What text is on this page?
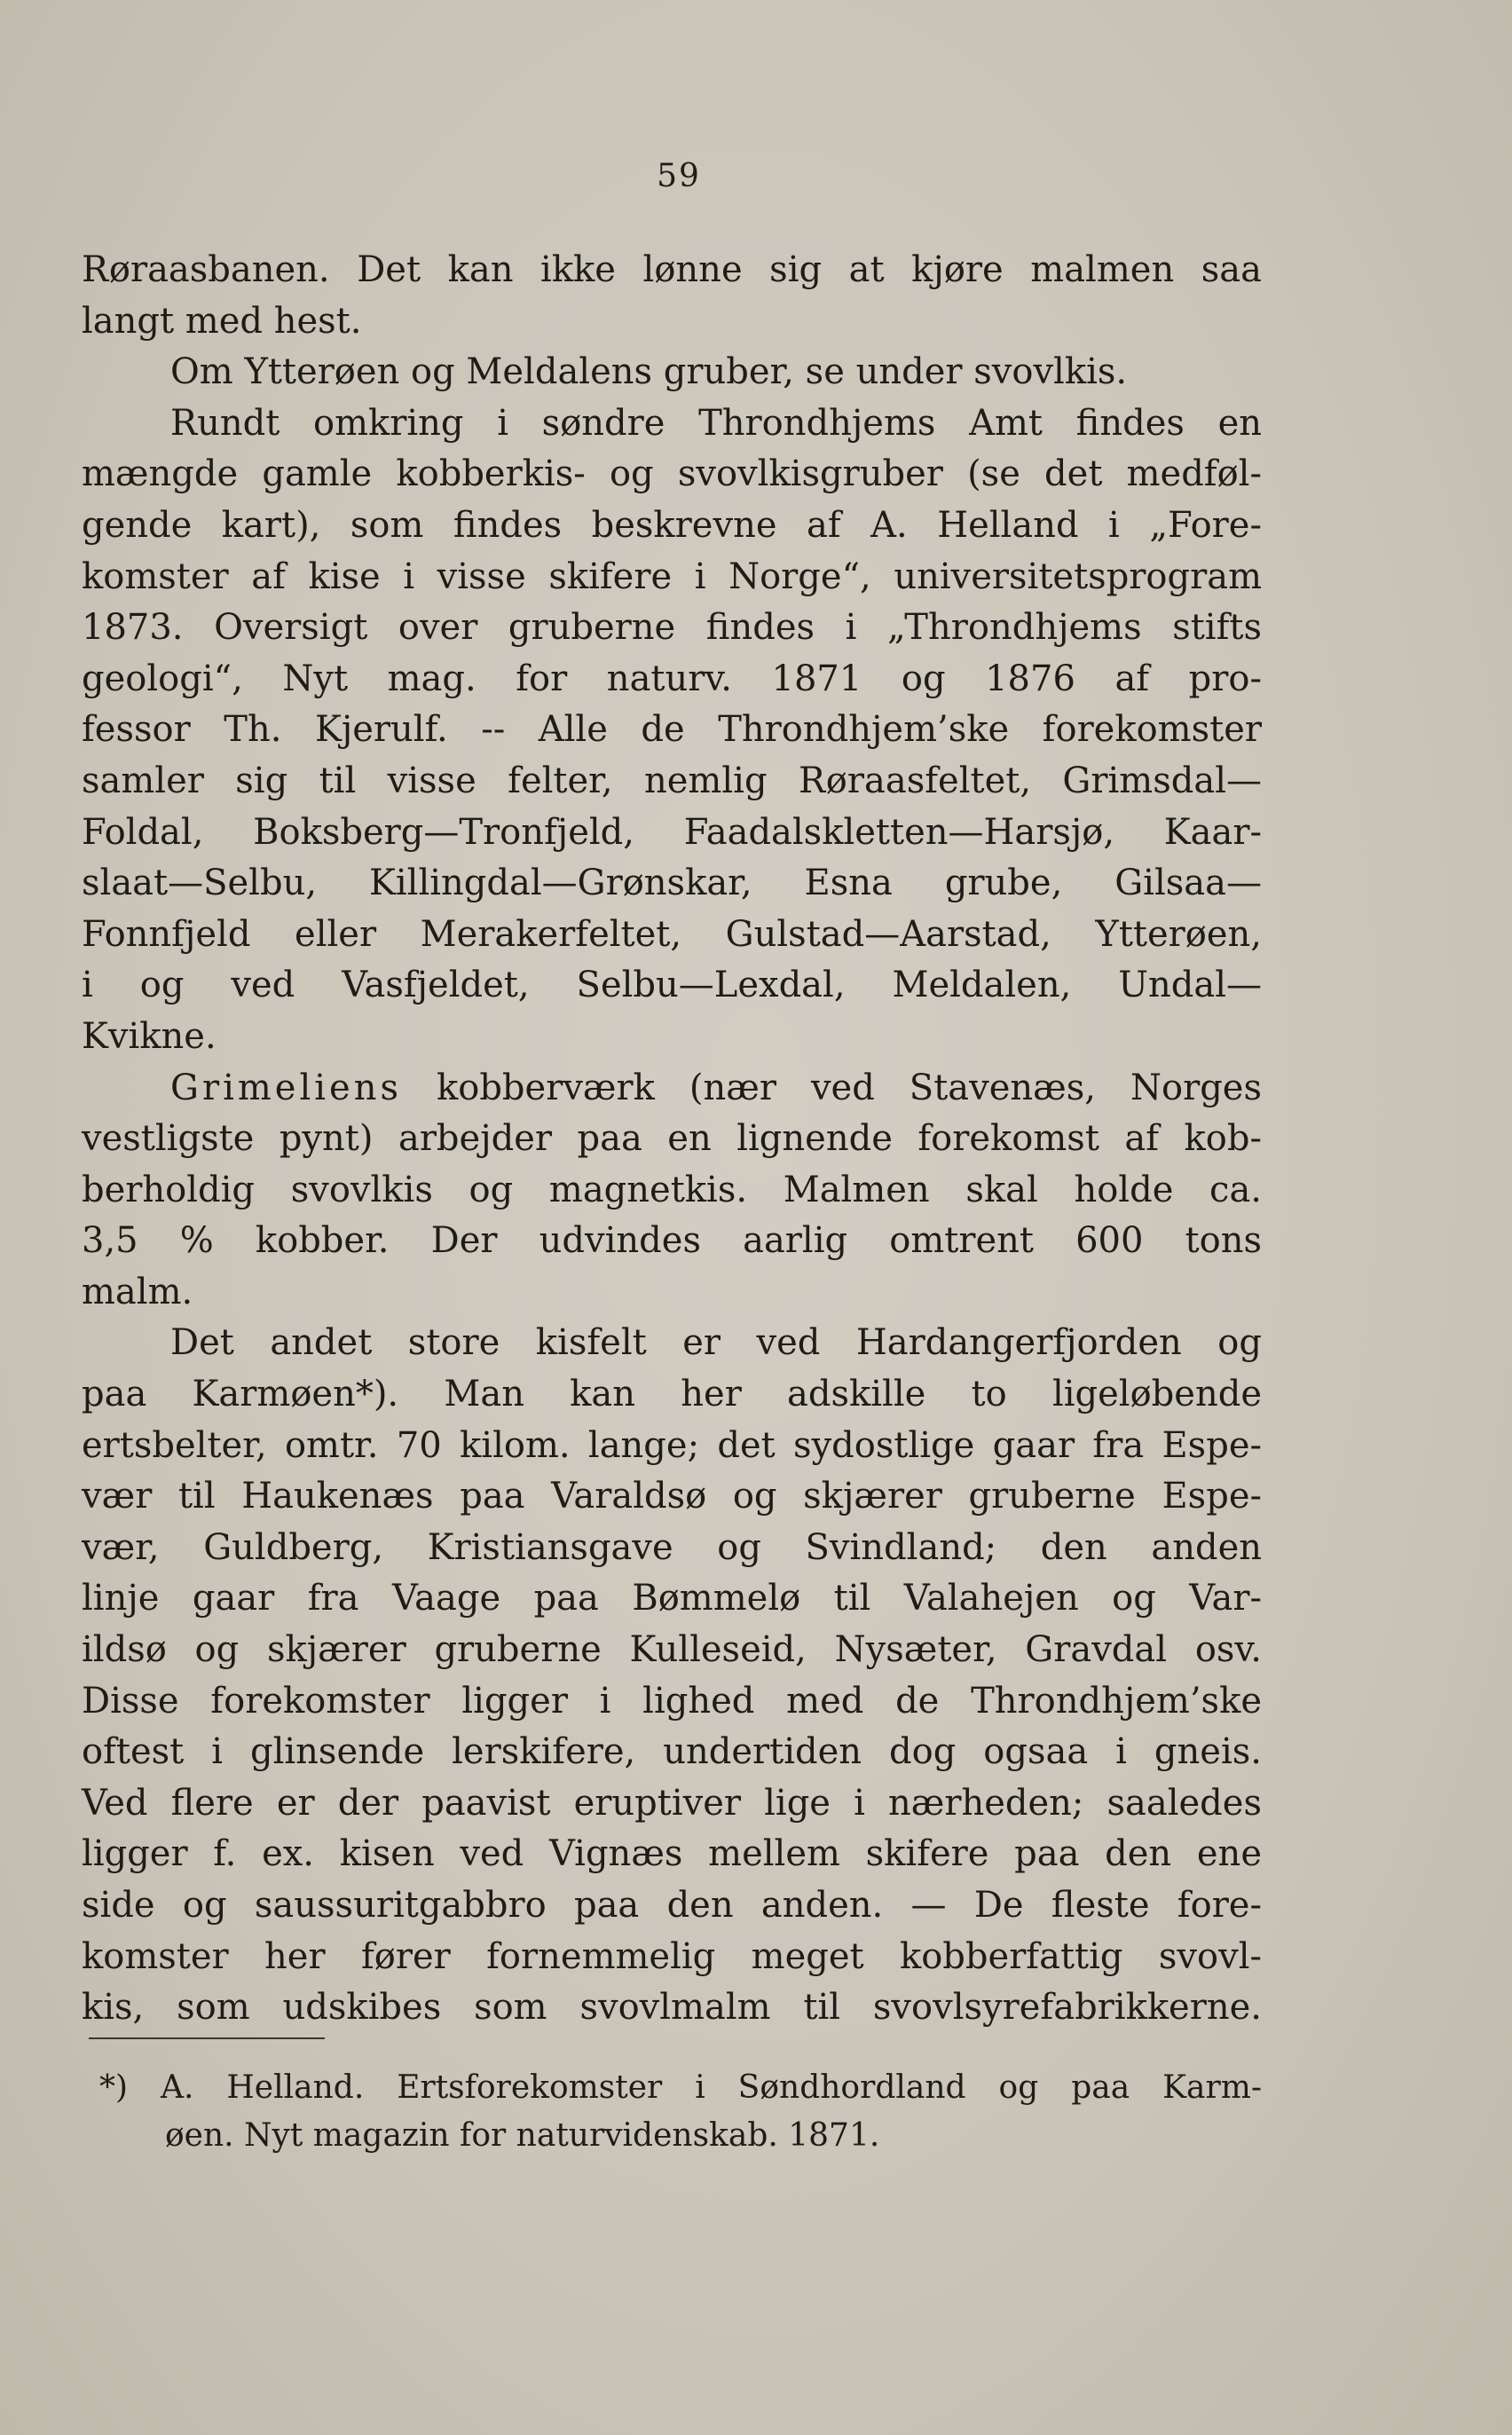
59
Røraasbanen. Det kan ikke lønne sig at kjøre malmen saa
langt med hest.
Om Ytterøen og Meldalens gruber, se under svovlkis.
Rundt omkring i søndre Throndhjems Amt findes en
mængde gamle kobberkis- og svovlkisgruber (se det medføl-
gende kart), som findes beskrevne af A. Helland i „Fore-
komster af kise i visse skifere i Norge“, universitetsprogram
1873. Oversigt over gruberne findes i „Throndhjems stifts
geologi“, Nyt mag. for naturv. 1871 og 1876 af pro-
fessor Th. Kjerulf. -- Alle de Throndhjem’ske forekomster
samler sig til visse felter, nemlig Røraasfeltet, Grimsdal—
Foldal, Boksberg—Tronfjeld, Faadalskletten—Harsjø, Kaar-
slaat—Selbu, Killingdal—Grønskar, Esna grube, Gilsaa—
Fonnfjeld eller Merakerfeltet, Gulstad—Aarstad, Ytterøen,
i og ved Vasfjeldet, Selbu—Lexdal, Meldalen, Undal—
Kvikne.
Grimeliens kobberværk (nær ved Stavenæs, Norges
vestligste pynt) arbejder paa en lignende forekomst af kob-
berholdig svovlkis og magnetkis. Malmen skal holde ca.
3,5 % kobber. Der udvindes aarlig omtrent 600 tons
malm.
Det andet store kisfelt er ved Hardangerfjorden og
paa Karmøen*). Man kan her adskille to ligeløbende
ertsbelter, omtr. 70 kilom. lange; det sydostlige gaar fra Espe-
vær til Haukenæs paa Varaldsø og skjærer gruberne Espe-
vær, Guldberg, Kristiansgave og Svindland; den anden
linje gaar fra Vaage paa Bømmelø til Valahejen og Var-
ildsø og skjærer gruberne Kulleseid, Nysæter, Gravdal osv.
Disse forekomster ligger i lighed med de Throndhjem’ske
oftest i glinsende lerskifere, undertiden dog ogsaa i gneis.
Ved flere er der paavist eruptiver lige i nærheden; saaledes
ligger f. ex. kisen ved Vignæs mellem skifere paa den ene
side og saussuritgabbro paa den anden. — De fleste fore-
komster her fører fornemmelig meget kobberfattig svovl-
kis, som udskibes som svovlmalm til svovlsyrefabrikkerne.
*) A. Helland. Ertsforekomster i Søndhordland og paa Karm-
øen. Nyt magazin for naturvidenskab. 1871.
